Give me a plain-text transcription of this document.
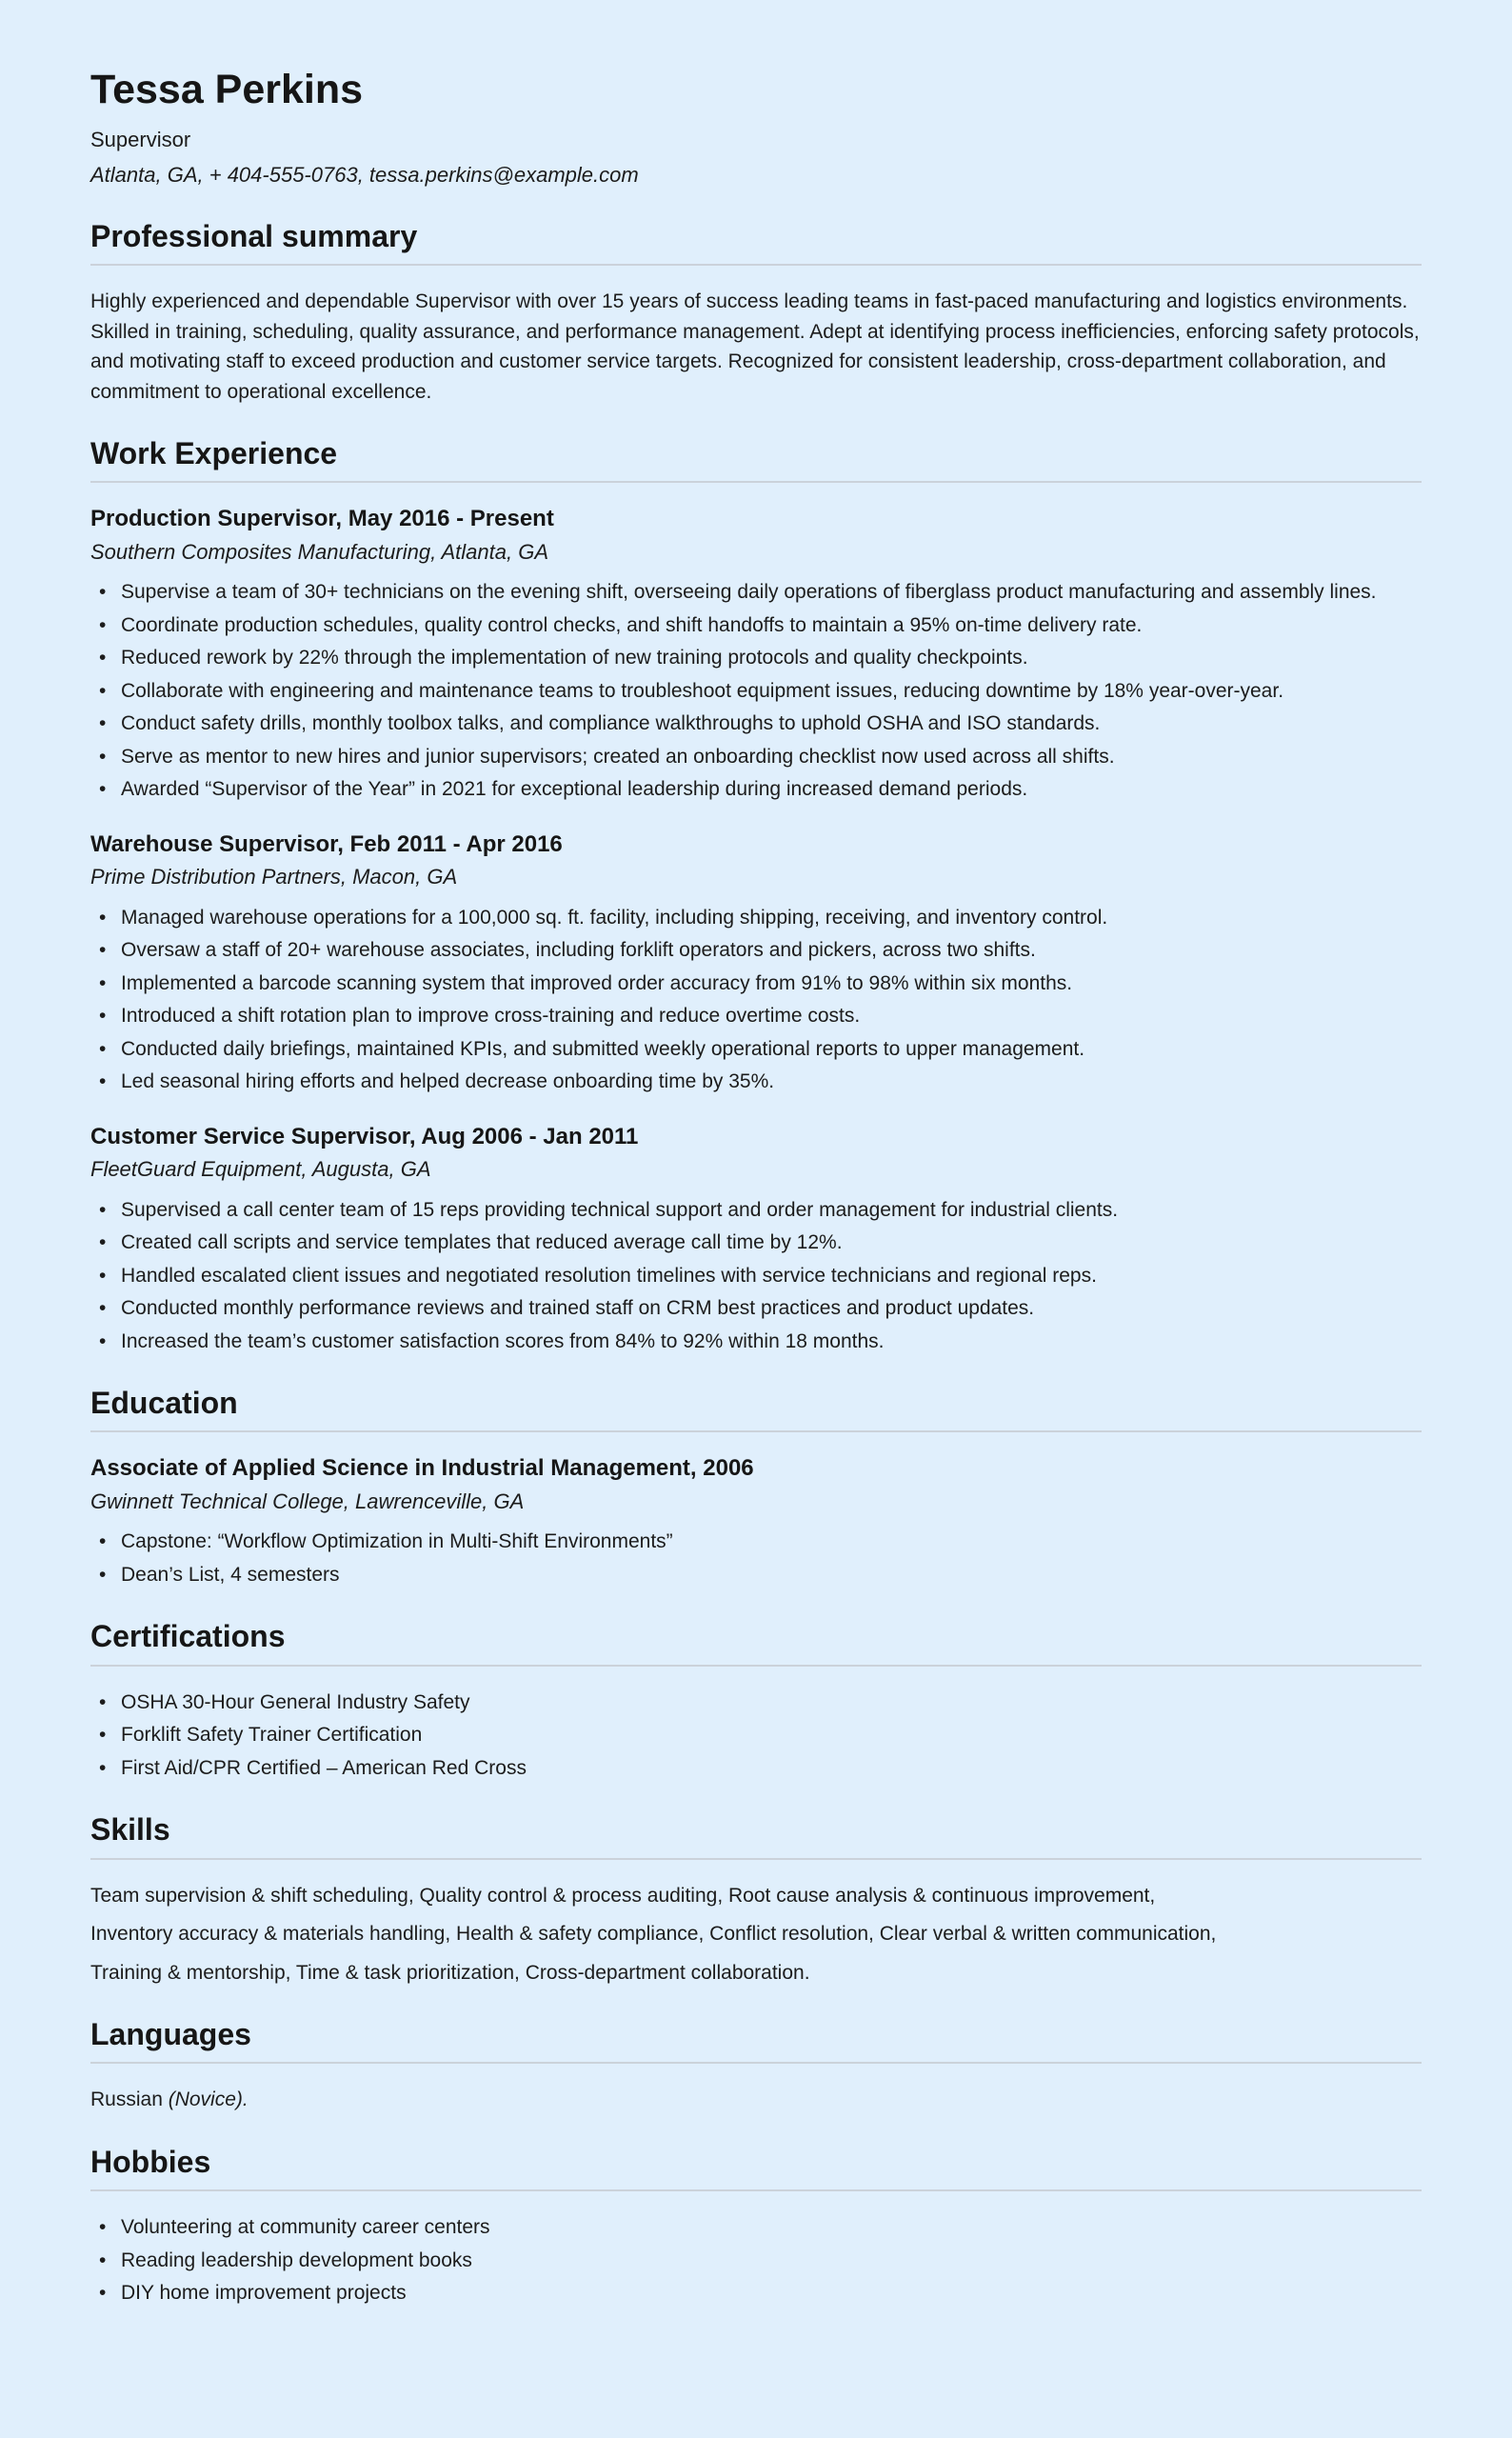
Tessa Perkins
Supervisor
Atlanta, GA, + 404-555-0763, tessa.perkins@example.com
Professional summary

Highly experienced and dependable Supervisor with over 15 years of success leading teams in fast-paced manufacturing and logistics environments. Skilled in training, scheduling, quality assurance, and performance management. Adept at identifying process inefficiencies, enforcing safety protocols, and motivating staff to exceed production and customer service targets. Recognized for consistent leadership, cross-department collaboration, and commitment to operational excellence.

Work Experience
Production Supervisor, May 2016 - Present
Southern Composites Manufacturing, Atlanta, GA
• Supervise a team of 30+ technicians on the evening shift, overseeing daily operations of fiberglass product manufacturing and assembly lines.
• Coordinate production schedules, quality control checks, and shift handoffs to maintain a 95% on-time delivery rate.
• Reduced rework by 22% through the implementation of new training protocols and quality checkpoints.
• Collaborate with engineering and maintenance teams to troubleshoot equipment issues, reducing downtime by 18% year-over-year.
• Conduct safety drills, monthly toolbox talks, and compliance walkthroughs to uphold OSHA and ISO standards.
• Serve as mentor to new hires and junior supervisors; created an onboarding checklist now used across all shifts.
• Awarded “Supervisor of the Year” in 2021 for exceptional leadership during increased demand periods.
Warehouse Supervisor, Feb 2011 - Apr 2016
Prime Distribution Partners, Macon, GA
• Managed warehouse operations for a 100,000 sq. ft. facility, including shipping, receiving, and inventory control.
• Oversaw a staff of 20+ warehouse associates, including forklift operators and pickers, across two shifts.
• Implemented a barcode scanning system that improved order accuracy from 91% to 98% within six months.
• Introduced a shift rotation plan to improve cross-training and reduce overtime costs.
• Conducted daily briefings, maintained KPIs, and submitted weekly operational reports to upper management.
• Led seasonal hiring efforts and helped decrease onboarding time by 35%.
Customer Service Supervisor, Aug 2006 - Jan 2011
FleetGuard Equipment, Augusta, GA
• Supervised a call center team of 15 reps providing technical support and order management for industrial clients.
• Created call scripts and service templates that reduced average call time by 12%.
• Handled escalated client issues and negotiated resolution timelines with service technicians and regional reps.
• Conducted monthly performance reviews and trained staff on CRM best practices and product updates.
• Increased the team’s customer satisfaction scores from 84% to 92% within 18 months.
Education
Associate of Applied Science in Industrial Management, 2006
Gwinnett Technical College, Lawrenceville, GA
• Capstone: “Workflow Optimization in Multi-Shift Environments”
• Dean’s List, 4 semesters
Certifications
• OSHA 30-Hour General Industry Safety
• Forklift Safety Trainer Certification
• First Aid/CPR Certified – American Red Cross
Skills

Team supervision & shift scheduling, Quality control & process auditing, Root cause analysis & continuous improvement,

Inventory accuracy & materials handling, Health & safety compliance, Conflict resolution, Clear verbal & written communication,

Training & mentorship, Time & task prioritization, Cross-department collaboration.

Languages

Russian (Novice).

Hobbies
• Volunteering at community career centers
• Reading leadership development books
• DIY home improvement projects
